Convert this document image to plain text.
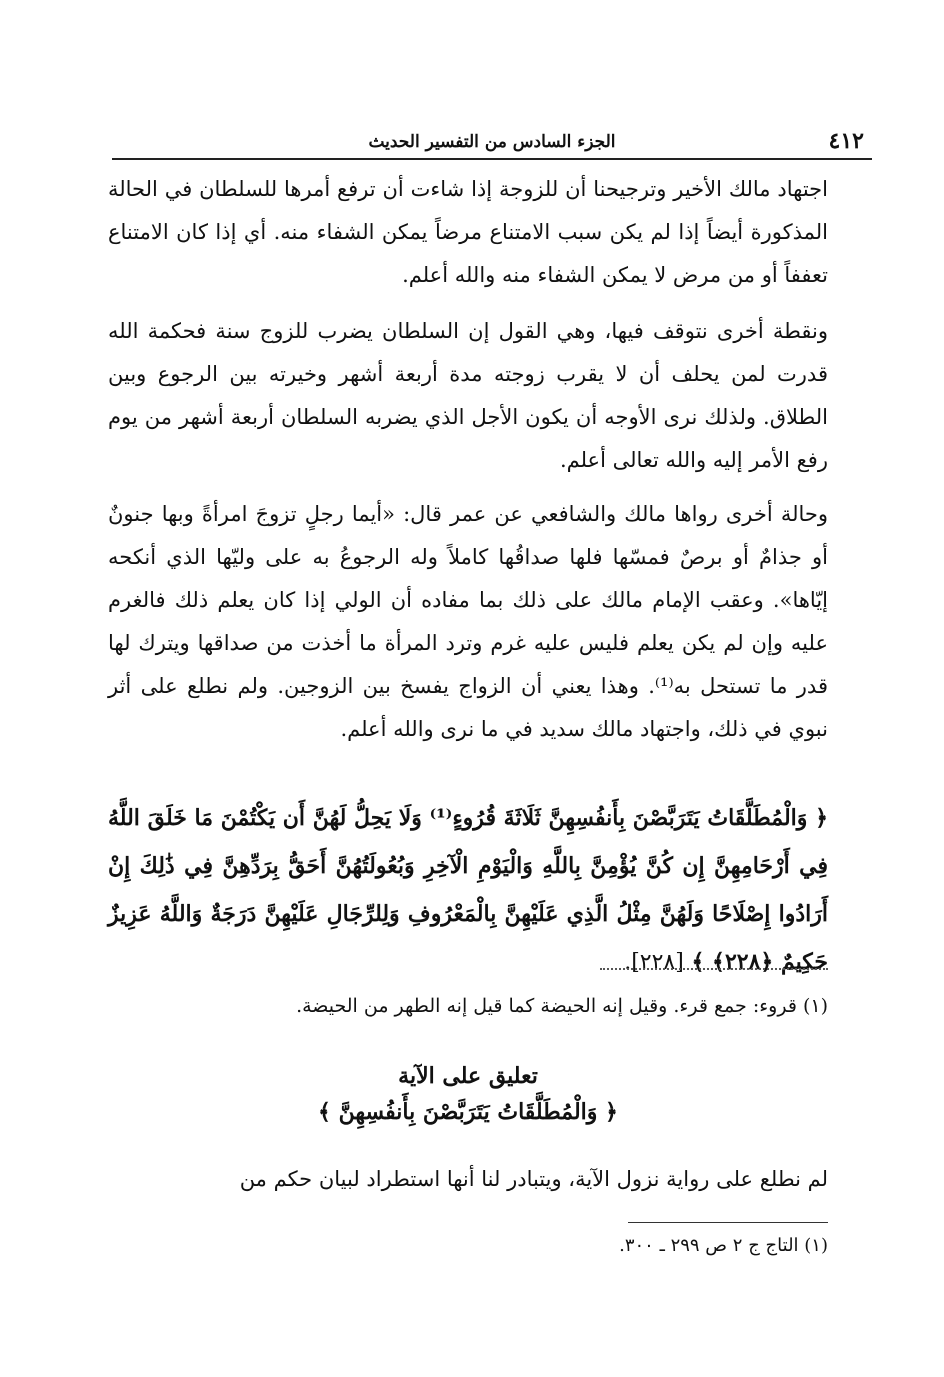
٤١٢
الجزء السادس من التفسير الحديث

اجتهاد مالك الأخير وترجيحنا أن للزوجة إذا شاءت أن ترفع أمرها للسلطان في الحالة المذكورة أيضاً إذا لم يكن سبب الامتناع مرضاً يمكن الشفاء منه. أي إذا كان الامتناع تعففاً أو من مرض لا يمكن الشفاء منه والله أعلم.

ونقطة أخرى نتوقف فيها، وهي القول إن السلطان يضرب للزوج سنة فحكمة الله قدرت لمن يحلف أن لا يقرب زوجته مدة أربعة أشهر وخيرته بين الرجوع وبين الطلاق. ولذلك نرى الأوجه أن يكون الأجل الذي يضربه السلطان أربعة أشهر من يوم رفع الأمر إليه والله تعالى أعلم.

وحالة أخرى رواها مالك والشافعي عن عمر قال: «أيما رجلٍ تزوجَ امرأةً وبها جنونٌ أو جذامٌ أو برصٌ فمسّها فلها صداقُها كاملاً وله الرجوعُ به على وليّها الذي أنكحه إيّاها». وعقب الإمام مالك على ذلك بما مفاده أن الولي إذا كان يعلم ذلك فالغرم عليه وإن لم يكن يعلم فليس عليه غرم وترد المرأة ما أخذت من صداقها ويترك لها قدر ما تستحل به⁽¹⁾. وهذا يعني أن الزواج يفسخ بين الزوجين. ولم نطلع على أثر نبوي في ذلك، واجتهاد مالك سديد في ما نرى والله أعلم.

﴿ وَالْمُطَلَّقَاتُ يَتَرَبَّصْنَ بِأَنفُسِهِنَّ ثَلَاثَةَ قُرُوءٍ⁽¹⁾ وَلَا يَحِلُّ لَهُنَّ أَن يَكْتُمْنَ مَا خَلَقَ اللَّهُ فِي أَرْحَامِهِنَّ إِن كُنَّ يُؤْمِنَّ بِاللَّهِ وَالْيَوْمِ الْآخِرِ وَبُعُولَتُهُنَّ أَحَقُّ بِرَدِّهِنَّ فِي ذَٰلِكَ إِنْ أَرَادُوا إِصْلَاحًا وَلَهُنَّ مِثْلُ الَّذِي عَلَيْهِنَّ بِالْمَعْرُوفِ وَلِلرِّجَالِ عَلَيْهِنَّ دَرَجَةٌ وَاللَّهُ عَزِيزٌ حَكِيمٌ ﴿٢٢٨﴾ ﴾ [٢٢٨].
(١) قروء: جمع قرء. وقيل إنه الحيضة كما قيل إنه الطهر من الحيضة.
تعليق على الآية
﴿ وَالْمُطَلَّقَاتُ يَتَرَبَّصْنَ بِأَنفُسِهِنَّ ﴾

لم نطلع على رواية نزول الآية، ويتبادر لنا أنها استطراد لبيان حكم من

(١) التاج ج ٢ ص ٢٩٩ ـ ٣٠٠.
